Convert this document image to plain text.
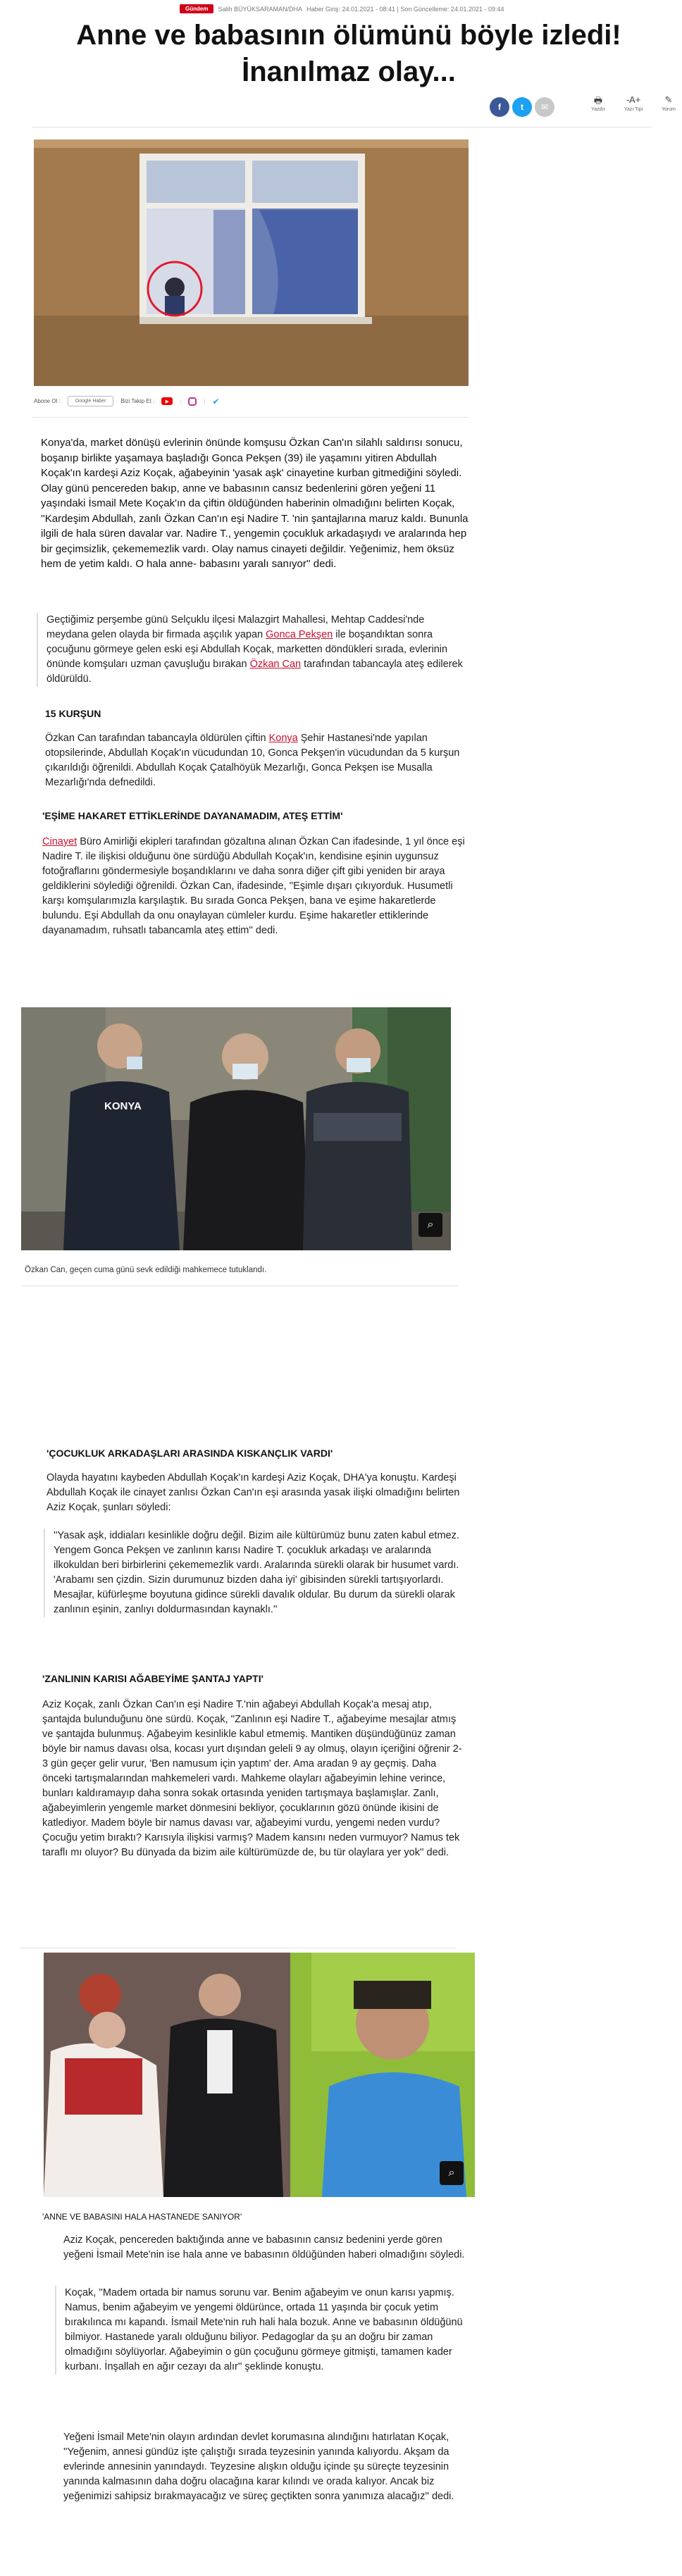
Gündem	Salih BÜYÜKSARAMAN/DHA Haber Giriş: 24.01.2021 - 08:41 | Son Güncelleme: 24.01.2021 - 09:44
Anne ve babasının ölümünü böyle izledi! İnanılmaz olay...
f	t	✉
🖶
Yazdır
-A+
Yazı Tipi
✎
Yorum
Abone Ol :	Google Haber	Bizi Takip Et :	▶	|	| ✔

Konya'da, market dönüşü evlerinin önünde komşusu Özkan Can'ın silahlı saldırısı sonucu, boşanıp birlikte yaşamaya başladığı Gonca Pekşen (39) ile yaşamını yitiren Abdullah Koçak'ın kardeşi Aziz Koçak, ağabeyinin 'yasak aşk' cinayetine kurban gitmediğini söyledi. Olay günü pencereden bakıp, anne ve babasının cansız bedenlerini gören yeğeni 11 yaşındaki İsmail Mete Koçak'ın da çiftin öldüğünden haberinin olmadığını belirten Koçak, ''Kardeşim Abdullah, zanlı Özkan Can'ın eşi Nadire T. 'nin şantajlarına maruz kaldı. Bununla ilgili de hala süren davalar var. Nadire T., yengemin çocukluk arkadaşıydı ve aralarında hep bir geçimsizlik, çekememezlik vardı. Olay namus cinayeti değildir. Yeğenimiz, hem öksüz hem de yetim kaldı. O hala anne- babasını yaralı sanıyor'' dedi.

Geçtiğimiz perşembe günü Selçuklu ilçesi Malazgirt Mahallesi, Mehtap Caddesi'nde meydana gelen olayda bir firmada aşçılık yapan Gonca Pekşen ile boşandıktan sonra çocuğunu görmeye gelen eski eşi Abdullah Koçak, marketten döndükleri sırada, evlerinin önünde komşuları uzman çavuşluğu bırakan Özkan Can tarafından tabancayla ateş edilerek öldürüldü.

15 KURŞUN

Özkan Can tarafından tabancayla öldürülen çiftin Konya Şehir Hastanesi'nde yapılan otopsilerinde, Abdullah Koçak'ın vücudundan 10, Gonca Pekşen'in vücudundan da 5 kurşun çıkarıldığı öğrenildi. Abdullah Koçak Çatalhöyük Mezarlığı, Gonca Pekşen ise Musalla Mezarlığı'nda defnedildi.

'EŞİME HAKARET ETTİKLERİNDE DAYANAMADIM, ATEŞ ETTİM'

Cinayet Büro Amirliği ekipleri tarafından gözaltına alınan Özkan Can ifadesinde, 1 yıl önce eşi Nadire T. ile ilişkisi olduğunu öne sürdüğü Abdullah Koçak'ın, kendisine eşinin uygunsuz fotoğraflarını göndermesiyle boşandıklarını ve daha sonra diğer çift gibi yeniden bir araya geldiklerini söylediği öğrenildi. Özkan Can, ifadesinde, ''Eşimle dışarı çıkıyorduk. Husumetli karşı komşularımızla karşılaştık. Bu sırada Gonca Pekşen, bana ve eşime hakaretlerde bulundu. Eşi Abdullah da onu onaylayan cümleler kurdu. Eşime hakaretler ettiklerinde dayanamadım, ruhsatlı tabancamla ateş ettim'' dedi.

KONYA
⌕

Özkan Can, geçen cuma günü sevk edildiği mahkemece tutuklandı.

'ÇOCUKLUK ARKADAŞLARI ARASINDA KISKANÇLIK VARDI'

Olayda hayatını kaybeden Abdullah Koçak'ın kardeşi Aziz Koçak, DHA'ya konuştu. Kardeşi Abdullah Koçak ile cinayet zanlısı Özkan Can'ın eşi arasında yasak ilişki olmadığını belirten Aziz Koçak, şunları söyledi:

''Yasak aşk, iddiaları kesinlikle doğru değil. Bizim aile kültürümüz bunu zaten kabul etmez. Yengem Gonca Pekşen ve zanlının karısı Nadire T. çocukluk arkadaşı ve aralarında ilkokuldan beri birbirlerini çekememezlik vardı. Aralarında sürekli olarak bir husumet vardı. 'Arabamı sen çizdin. Sizin durumunuz bizden daha iyi' gibisinden sürekli tartışıyorlardı. Mesajlar, küfürleşme boyutuna gidince sürekli davalık oldular. Bu durum da sürekli olarak zanlının eşinin, zanlıyı doldurmasından kaynaklı.''

'ZANLININ KARISI AĞABEYİME ŞANTAJ YAPTI'

Aziz Koçak, zanlı Özkan Can'ın eşi Nadire T.'nin ağabeyi Abdullah Koçak'a mesaj atıp, şantajda bulunduğunu öne sürdü. Koçak, ''Zanlının eşi Nadire T., ağabeyime mesajlar atmış ve şantajda bulunmuş. Ağabeyim kesinlikle kabul etmemiş. Mantiken düşündüğünüz zaman böyle bir namus davası olsa, kocası yurt dışından geleli 9 ay olmuş, olayın içeriğini öğrenir 2- 3 gün geçer gelir vurur, 'Ben namusum için yaptım' der. Ama aradan 9 ay geçmiş. Daha önceki tartışmalarından mahkemeleri vardı. Mahkeme olayları ağabeyimin lehine verince, bunları kaldıramayıp daha sonra sokak ortasında yeniden tartışmaya başlamışlar. Zanlı, ağabeyimlerin yengemle market dönmesini bekliyor, çocuklarının gözü önünde ikisini de katlediyor. Madem böyle bir namus davası var, ağabeyimi vurdu, yengemi neden vurdu? Çocuğu yetim bıraktı? Karısıyla ilişkisi varmış? Madem kansını neden vurmuyor? Namus tek taraflı mı oluyor? Bu dünyada da bizim aile kültürümüzde de, bu tür olaylara yer yok'' dedi.

⌕
'ANNE VE BABASINI HALA HASTANEDE SANIYOR'

Aziz Koçak, pencereden baktığında anne ve babasının cansız bedenini yerde gören yeğeni İsmail Mete'nin ise hala anne ve babasının öldüğünden haberi olmadığını söyledi.

Koçak, ''Madem ortada bir namus sorunu var. Benim ağabeyim ve onun karısı yapmış. Namus, benim ağabeyim ve yengemi öldürünce, ortada 11 yaşında bir çocuk yetim bırakılınca mı kapandı. İsmail Mete'nin ruh hali hala bozuk. Anne ve babasının öldüğünü bilmiyor. Hastanede yaralı olduğunu biliyor. Pedagoglar da şu an doğru bir zaman olmadığını söylüyorlar. Ağabeyimin o gün çocuğunu görmeye gitmişti, tamamen kader kurbanı. İnşallah en ağır cezayı da alır'' şeklinde konuştu.

Yeğeni İsmail Mete'nin olayın ardından devlet korumasına alındığını hatırlatan Koçak, ''Yeğenim, annesi gündüz işte çalıştığı sırada teyzesinin yanında kalıyordu. Akşam da evlerinde annesinin yanındaydı. Teyzesine alışkın olduğu içinde şu süreçte teyzesinin yanında kalmasının daha doğru olacağına karar kılındı ve orada kalıyor. Ancak biz yeğenimizi sahipsiz bırakmayacağız ve süreç geçtikten sonra yanımıza alacağız'' dedi.
